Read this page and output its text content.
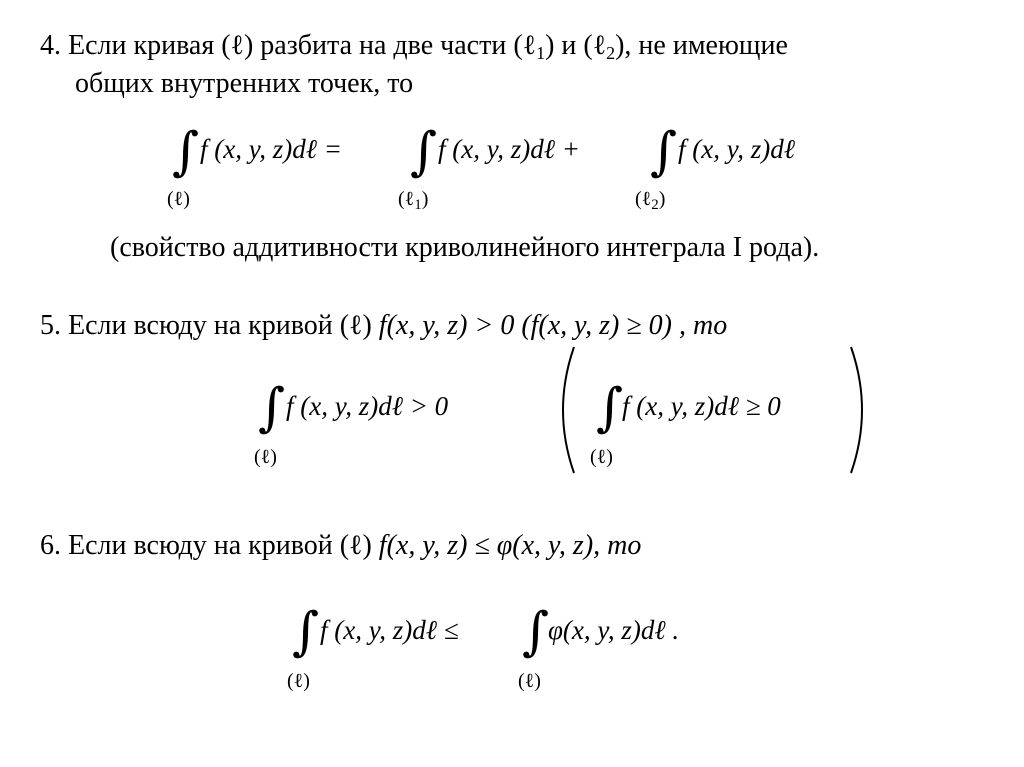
4. Если кривая (ℓ) разбита на две части (ℓ$_1$) и (ℓ$_2$), не имеющие
общих внутренних точек, то
∫ f (x, y, z)dℓ = ∫ f (x, y, z)dℓ + ∫ f (x, y, z)dℓ
(ℓ)	(ℓ$_1$)	(ℓ$_2$)
(свойство аддитивности криволинейного интеграла I рода).
5. Если всюду на кривой (ℓ) f(x, y, z) > 0 (f(x, y, z) ≥ 0) , то
∫ f (x, y, z)dℓ > 0
(ℓ)
∫
f (x, y, z)dℓ ≥ 0
(ℓ)
6. Если всюду на кривой (ℓ) f(x, y, z) ≤ φ(x, y, z), то
∫ f (x, y, z)dℓ ≤
(ℓ)
∫
φ(x, y, z)dℓ .
(ℓ)
